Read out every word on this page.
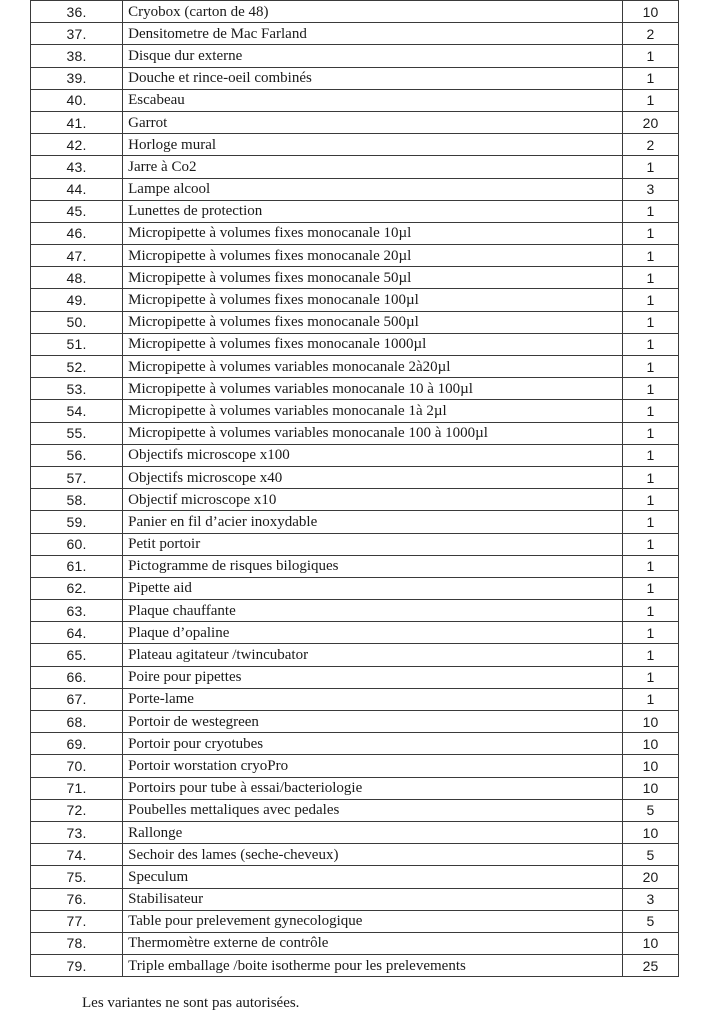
36.	Cryobox (carton de 48)	10
37.	Densitometre de Mac Farland	2
38.	Disque dur externe	1
39.	Douche et rince-oeil combinés	1
40.	Escabeau	1
41.	Garrot	20
42.	Horloge mural	2
43.	Jarre à Co2	1
44.	Lampe alcool	3
45.	Lunettes de protection	1
46.	Micropipette à volumes fixes monocanale 10µl	1
47.	Micropipette à volumes fixes monocanale 20µl	1
48.	Micropipette à volumes fixes monocanale 50µl	1
49.	Micropipette à volumes fixes monocanale 100µl	1
50.	Micropipette à volumes fixes monocanale 500µl	1
51.	Micropipette à volumes fixes monocanale 1000µl	1
52.	Micropipette à volumes variables monocanale 2à20µl	1
53.	Micropipette à volumes variables monocanale 10 à 100µl	1
54.	Micropipette à volumes variables monocanale 1à 2µl	1
55.	Micropipette à volumes variables monocanale 100 à 1000µl	1
56.	Objectifs microscope x100	1
57.	Objectifs microscope x40	1
58.	Objectif microscope x10	1
59.	Panier en fil d’acier inoxydable	1
60.	Petit portoir	1
61.	Pictogramme de risques bilogiques	1
62.	Pipette aid	1
63.	Plaque chauffante	1
64.	Plaque d’opaline	1
65.	Plateau agitateur /twincubator	1
66.	Poire pour pipettes	1
67.	Porte-lame	1
68.	Portoir de westegreen	10
69.	Portoir pour cryotubes	10
70.	Portoir worstation cryoPro	10
71.	Portoirs pour tube à essai/bacteriologie	10
72.	Poubelles mettaliques avec pedales	5
73.	Rallonge	10
74.	Sechoir des lames (seche-cheveux)	5
75.	Speculum	20
76.	Stabilisateur	3
77.	Table pour prelevement gynecologique	5
78.	Thermomètre externe de contrôle	10
79.	Triple emballage /boite isotherme pour les prelevements	25
Les variantes ne sont pas autorisées.
